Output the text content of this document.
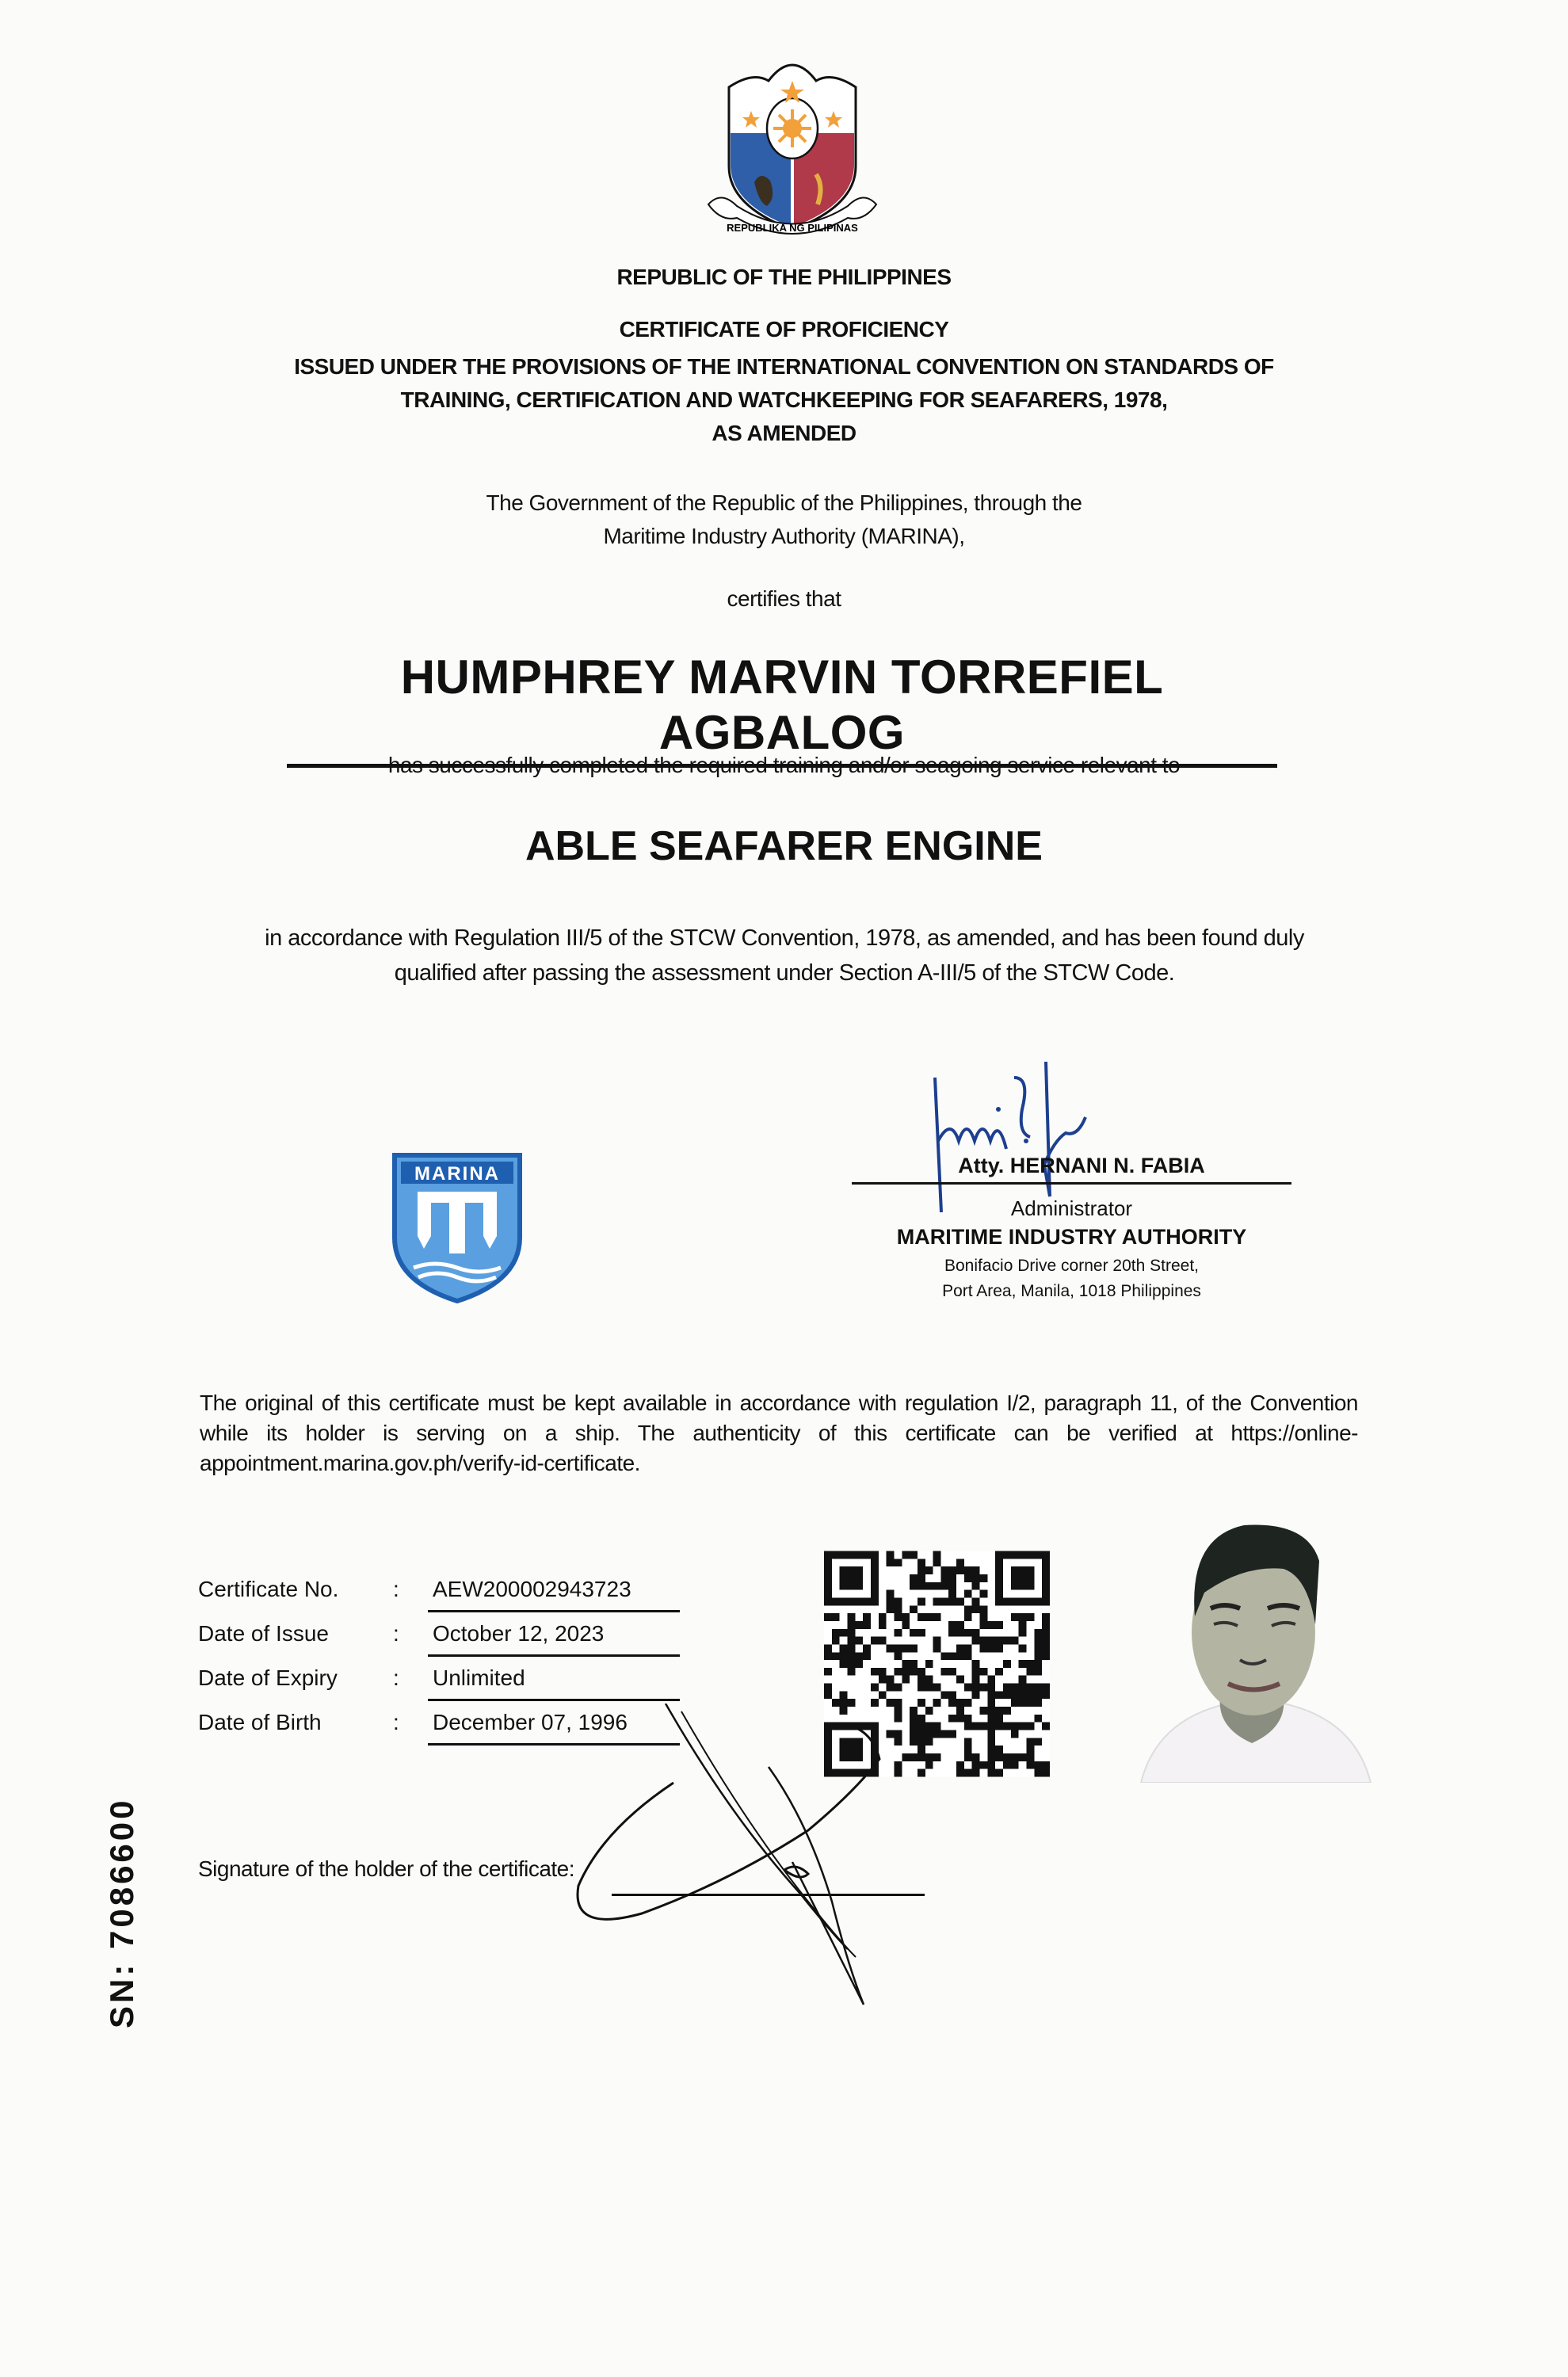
REPUBLIKA NG PILIPINAS
REPUBLIC OF THE PHILIPPINES
CERTIFICATE OF PROFICIENCY
ISSUED UNDER THE PROVISIONS OF THE INTERNATIONAL CONVENTION ON STANDARDS OF
TRAINING, CERTIFICATION AND WATCHKEEPING FOR SEAFARERS, 1978,
AS AMENDED
The Government of the Republic of the Philippines, through the
Maritime Industry Authority (MARINA),
certifies that
HUMPHREY MARVIN TORREFIEL AGBALOG
has successfully completed the required training and/or seagoing service relevant to
ABLE SEAFARER ENGINE
in accordance with Regulation III/5 of the STCW Convention, 1978, as amended, and has been found duly
qualified after passing the assessment under Section A-III/5 of the STCW Code.
MARINA	Atty. HERNANI N. FABIA
Administrator
MARITIME INDUSTRY AUTHORITY
Bonifacio Drive corner 20th Street,
Port Area, Manila, 1018 Philippines
The original of this certificate must be kept available in accordance with regulation I/2, paragraph 11, of the Convention while its holder is serving on a ship. The authenticity of this certificate can be verified at https://online-appointment.marina.gov.ph/verify-id-certificate.
Certificate No. : AEW200002943723
Date of Issue	: October 12, 2023
Date of Expiry	: Unlimited
Date of Birth	: December 07, 1996
Signature of the holder of the certificate:
SN: 7086600
